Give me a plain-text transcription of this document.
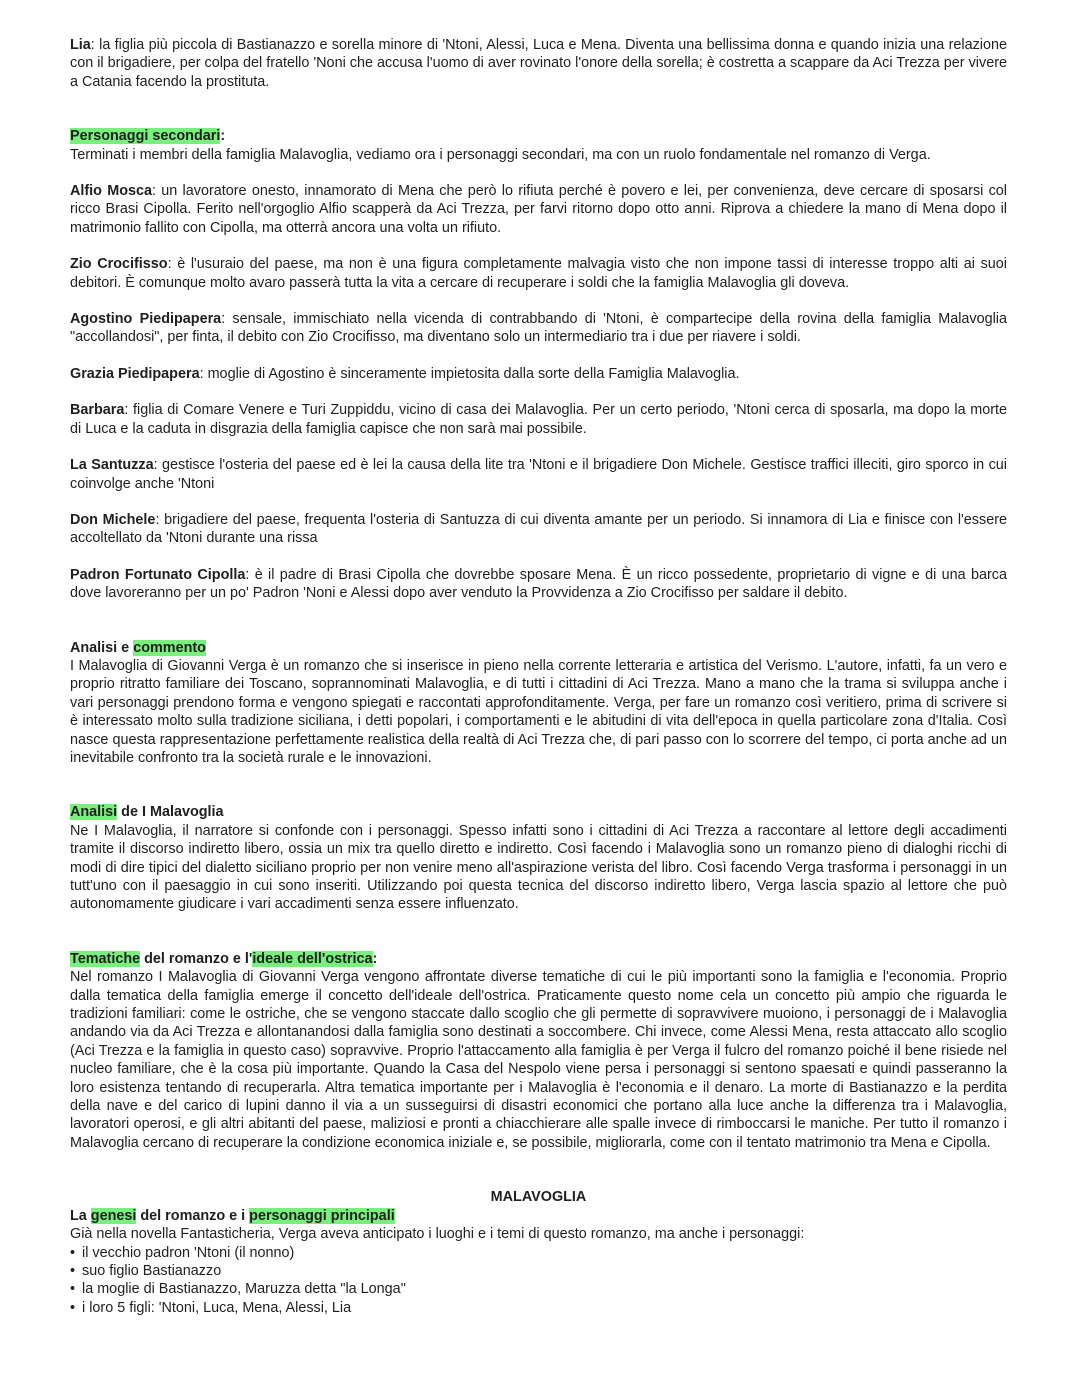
Lia: la figlia più piccola di Bastianazzo e sorella minore di 'Ntoni, Alessi, Luca e Mena. Diventa una bellissima donna e quando inizia una relazione con il brigadiere, per colpa del fratello 'Noni che accusa l'uomo di aver rovinato l'onore della sorella; è costretta a scappare da Aci Trezza per vivere a Catania facendo la prostituta.

Personaggi secondari:

Terminati i membri della famiglia Malavoglia, vediamo ora i personaggi secondari, ma con un ruolo fondamentale nel romanzo di Verga.

Alfio Mosca: un lavoratore onesto, innamorato di Mena che però lo rifiuta perché è povero e lei, per convenienza, deve cercare di sposarsi col ricco Brasi Cipolla. Ferito nell'orgoglio Alfio scapperà da Aci Trezza, per farvi ritorno dopo otto anni. Riprova a chiedere la mano di Mena dopo il matrimonio fallito con Cipolla, ma otterrà ancora una volta un rifiuto.

Zio Crocifisso: è l'usuraio del paese, ma non è una figura completamente malvagia visto che non impone tassi di interesse troppo alti ai suoi debitori. È comunque molto avaro passerà tutta la vita a cercare di recuperare i soldi che la famiglia Malavoglia gli doveva.

Agostino Piedipapera: sensale, immischiato nella vicenda di contrabbando di 'Ntoni, è compartecipe della rovina della famiglia Malavoglia "accollandosi", per finta, il debito con Zio Crocifisso, ma diventano solo un intermediario tra i due per riavere i soldi.

Grazia Piedipapera: moglie di Agostino è sinceramente impietosita dalla sorte della Famiglia Malavoglia.

Barbara: figlia di Comare Venere e Turi Zuppiddu, vicino di casa dei Malavoglia. Per un certo periodo, 'Ntoni cerca di sposarla, ma dopo la morte di Luca e la caduta in disgrazia della famiglia capisce che non sarà mai possibile.

La Santuzza: gestisce l'osteria del paese ed è lei la causa della lite tra 'Ntoni e il brigadiere Don Michele. Gestisce traffici illeciti, giro sporco in cui coinvolge anche 'Ntoni

Don Michele: brigadiere del paese, frequenta l'osteria di Santuzza di cui diventa amante per un periodo. Si innamora di Lia e finisce con l'essere accoltellato da 'Ntoni durante una rissa

Padron Fortunato Cipolla: è il padre di Brasi Cipolla che dovrebbe sposare Mena. È un ricco possedente, proprietario di vigne e di una barca dove lavoreranno per un po' Padron 'Noni e Alessi dopo aver venduto la Provvidenza a Zio Crocifisso per saldare il debito.

Analisi e commento

I Malavoglia di Giovanni Verga è un romanzo che si inserisce in pieno nella corrente letteraria e artistica del Verismo. L'autore, infatti, fa un vero e proprio ritratto familiare dei Toscano, soprannominati Malavoglia, e di tutti i cittadini di Aci Trezza. Mano a mano che la trama si sviluppa anche i vari personaggi prendono forma e vengono spiegati e raccontati approfonditamente. Verga, per fare un romanzo così veritiero, prima di scrivere si è interessato molto sulla tradizione siciliana, i detti popolari, i comportamenti e le abitudini di vita dell'epoca in quella particolare zona d'Italia. Così nasce questa rappresentazione perfettamente realistica della realtà di Aci Trezza che, di pari passo con lo scorrere del tempo, ci porta anche ad un inevitabile confronto tra la società rurale e le innovazioni.

Analisi de I Malavoglia

Ne I Malavoglia, il narratore si confonde con i personaggi. Spesso infatti sono i cittadini di Aci Trezza a raccontare al lettore degli accadimenti tramite il discorso indiretto libero, ossia un mix tra quello diretto e indiretto. Così facendo i Malavoglia sono un romanzo pieno di dialoghi ricchi di modi di dire tipici del dialetto siciliano proprio per non venire meno all'aspirazione verista del libro. Così facendo Verga trasforma i personaggi in un tutt'uno con il paesaggio in cui sono inseriti. Utilizzando poi questa tecnica del discorso indiretto libero, Verga lascia spazio al lettore che può autonomamente giudicare i vari accadimenti senza essere influenzato.

Tematiche del romanzo e l'ideale dell'ostrica:

Nel romanzo I Malavoglia di Giovanni Verga vengono affrontate diverse tematiche di cui le più importanti sono la famiglia e l'economia. Proprio dalla tematica della famiglia emerge il concetto dell'ideale dell'ostrica. Praticamente questo nome cela un concetto più ampio che riguarda le tradizioni familiari: come le ostriche, che se vengono staccate dallo scoglio che gli permette di sopravvivere muoiono, i personaggi de i Malavoglia andando via da Aci Trezza e allontanandosi dalla famiglia sono destinati a soccombere. Chi invece, come Alessi Mena, resta attaccato allo scoglio (Aci Trezza e la famiglia in questo caso) sopravvive. Proprio l'attaccamento alla famiglia è per Verga il fulcro del romanzo poiché il bene risiede nel nucleo familiare, che è la cosa più importante. Quando la Casa del Nespolo viene persa i personaggi si sentono spaesati e quindi passeranno la loro esistenza tentando di recuperarla. Altra tematica importante per i Malavoglia è l'economia e il denaro. La morte di Bastianazzo e la perdita della nave e del carico di lupini danno il via a un susseguirsi di disastri economici che portano alla luce anche la differenza tra i Malavoglia, lavoratori operosi, e gli altri abitanti del paese, maliziosi e pronti a chiacchierare alle spalle invece di rimboccarsi le maniche. Per tutto il romanzo i Malavoglia cercano di recuperare la condizione economica iniziale e, se possibile, migliorarla, come con il tentato matrimonio tra Mena e Cipolla.

MALAVOGLIA

La genesi del romanzo e i personaggi principali

Già nella novella Fantasticheria, Verga aveva anticipato i luoghi e i temi di questo romanzo, ma anche i personaggi:

• il vecchio padron 'Ntoni (il nonno)
• suo figlio Bastianazzo
• la moglie di Bastianazzo, Maruzza detta "la Longa"
• i loro 5 figli: 'Ntoni, Luca, Mena, Alessi, Lia
